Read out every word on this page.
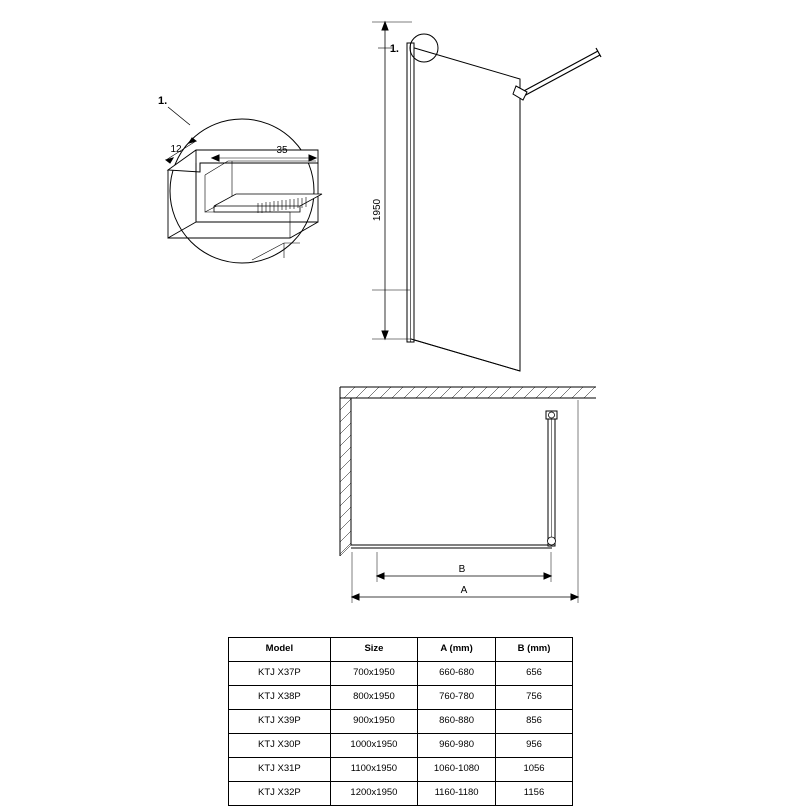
1950
1.
12	35
1.
B
A
Model	Size	A (mm)	B (mm)
KTJ X37P	700x1950	660-680	656
KTJ X38P	800x1950	760-780	756
KTJ X39P	900x1950	860-880	856
KTJ X30P	1000x1950	960-980	956
KTJ X31P	1100x1950	1060-1080	1056
KTJ X32P	1200x1950	1160-1180	1156
